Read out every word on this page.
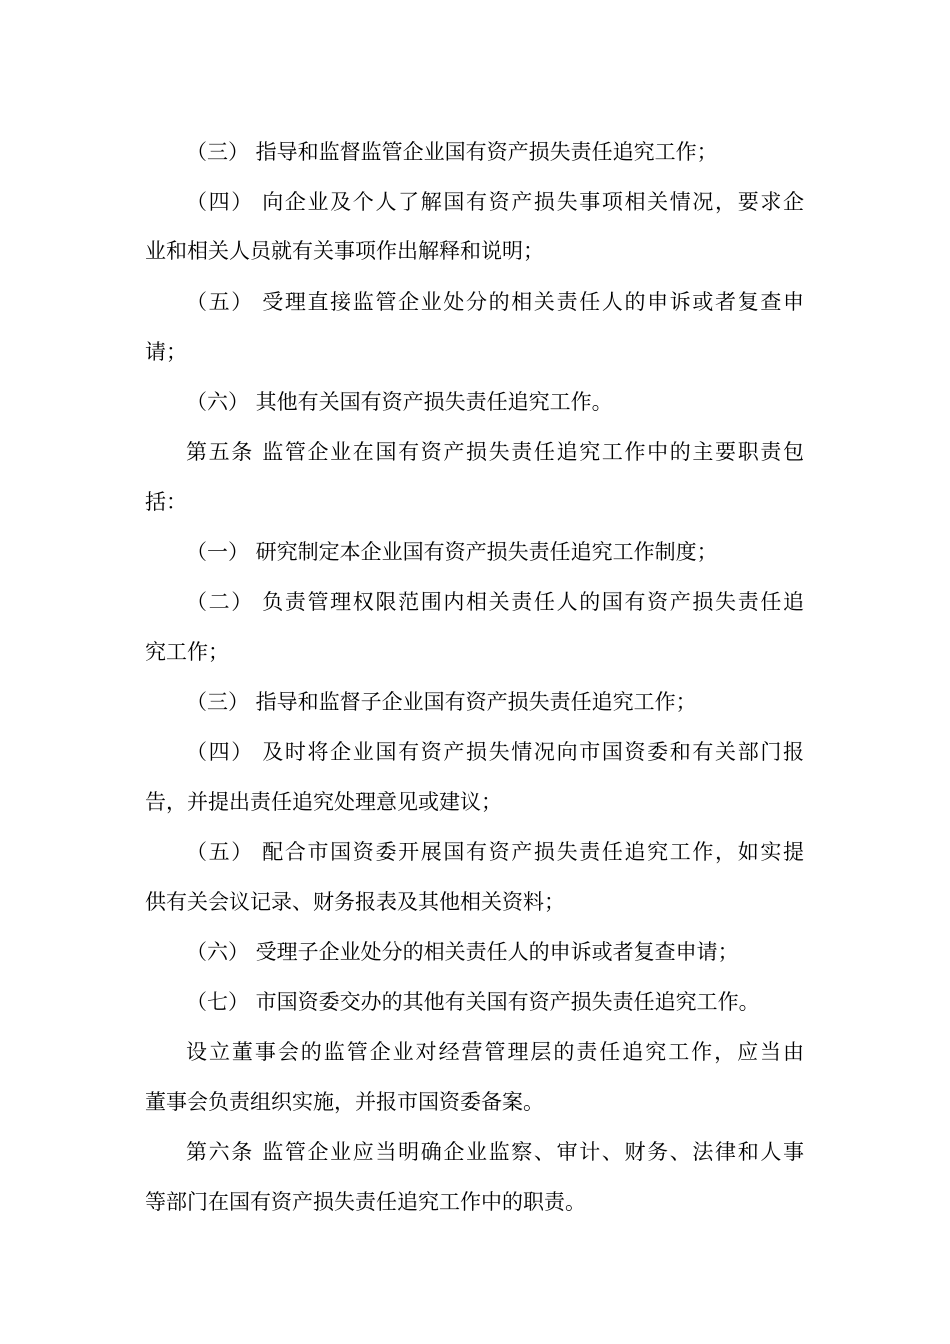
（三） 指导和监督监管企业国有资产损失责任追究工作；
（四） 向企业及个人了解国有资产损失事项相关情况，要求企
业和相关人员就有关事项作出解释和说明；
（五） 受理直接监管企业处分的相关责任人的申诉或者复查申
请；
（六） 其他有关国有资产损失责任追究工作。
第五条 监管企业在国有资产损失责任追究工作中的主要职责包
括：
（一） 研究制定本企业国有资产损失责任追究工作制度；
（二） 负责管理权限范围内相关责任人的国有资产损失责任追
究工作；
（三） 指导和监督子企业国有资产损失责任追究工作；
（四） 及时将企业国有资产损失情况向市国资委和有关部门报
告，并提出责任追究处理意见或建议；
（五） 配合市国资委开展国有资产损失责任追究工作，如实提
供有关会议记录、财务报表及其他相关资料；
（六） 受理子企业处分的相关责任人的申诉或者复查申请；
（七） 市国资委交办的其他有关国有资产损失责任追究工作。
设立董事会的监管企业对经营管理层的责任追究工作，应当由
董事会负责组织实施，并报市国资委备案。
第六条 监管企业应当明确企业监察、审计、财务、法律和人事
等部门在国有资产损失责任追究工作中的职责。
